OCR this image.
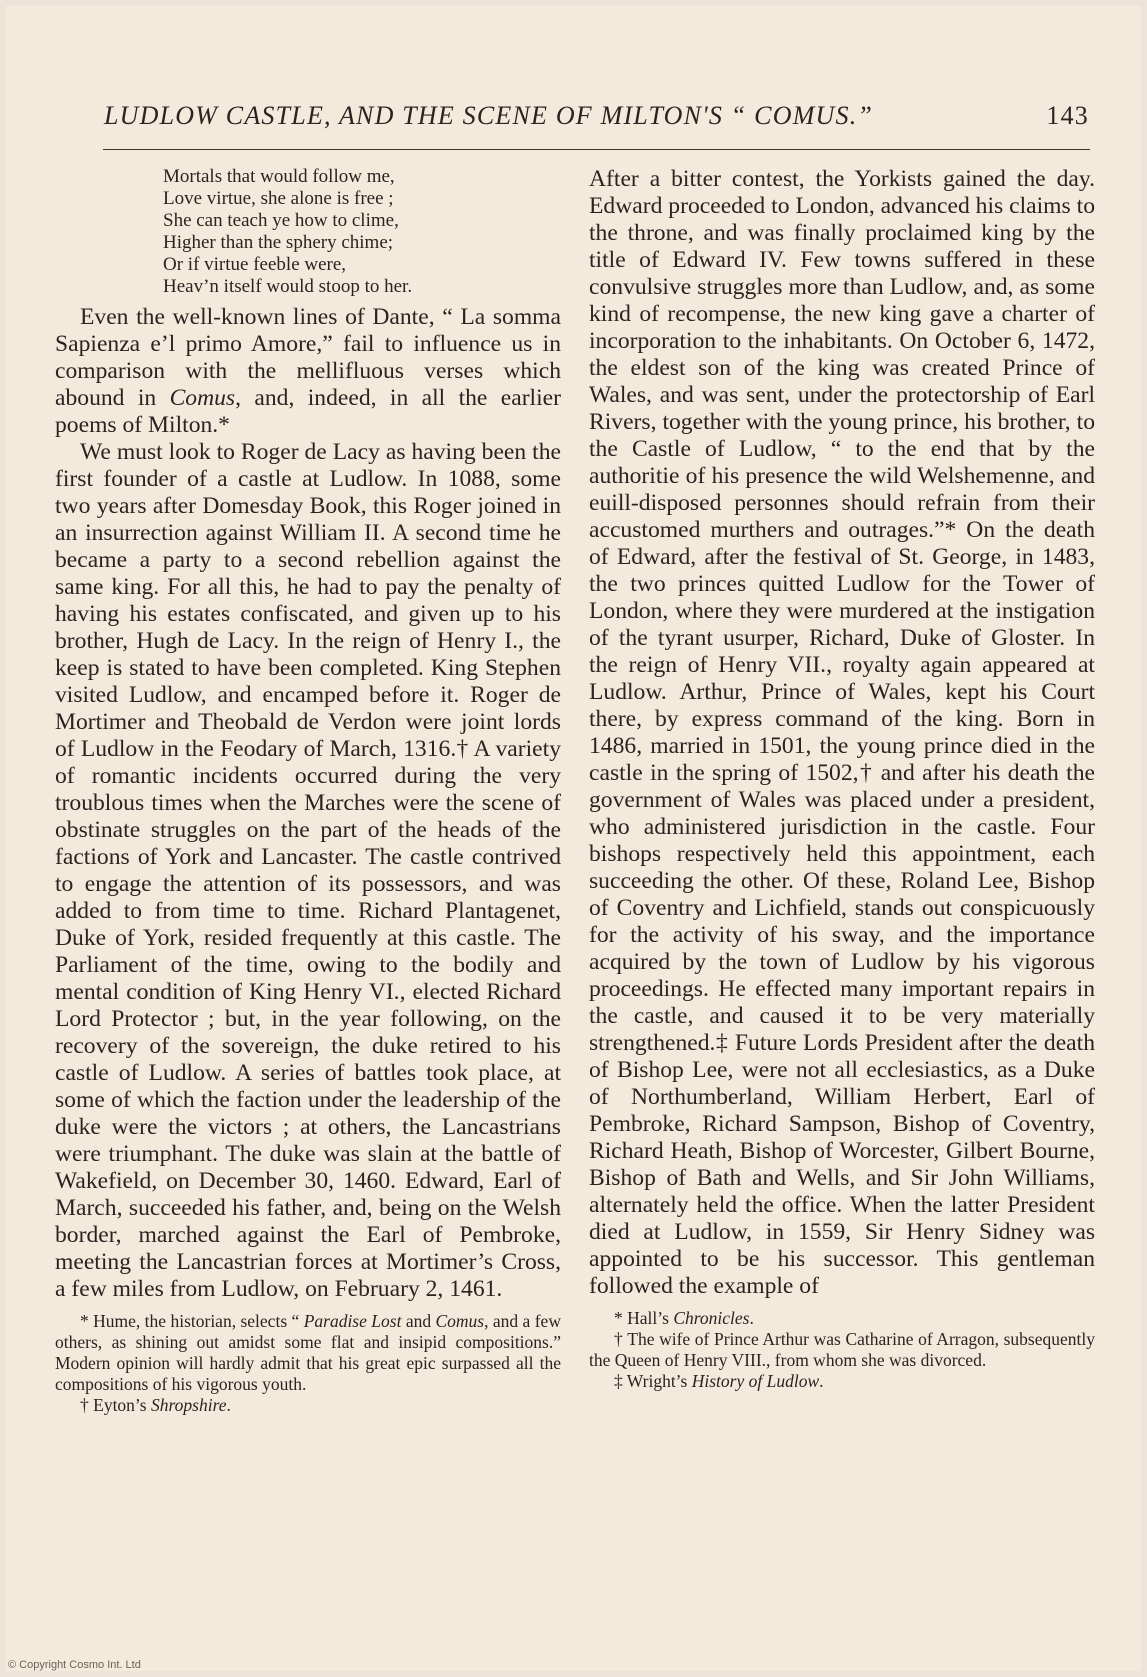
LUDLOW CASTLE, AND THE SCENE OF MILTON'S “ COMUS.”	143
Mortals that would follow me,
Love virtue, she alone is free ;
She can teach ye how to clime,
Higher than the sphery chime;
Or if virtue feeble were,
Heav’n itself would stoop to her.

Even the well-known lines of Dante, “ La somma Sapienza e’l primo Amore,” fail to influence us in comparison with the mellifluous verses which abound in Comus, and, indeed, in all the earlier poems of Milton.*

We must look to Roger de Lacy as having been the first founder of a castle at Ludlow. In 1088, some two years after Domesday Book, this Roger joined in an insurrection against William II. A second time he became a party to a second rebellion against the same king. For all this, he had to pay the penalty of having his estates confiscated, and given up to his brother, Hugh de Lacy. In the reign of Henry I., the keep is stated to have been completed. King Stephen visited Ludlow, and encamped before it. Roger de Mortimer and Theobald de Verdon were joint lords of Ludlow in the Feodary of March, 1316.† A variety of romantic incidents occurred during the very troublous times when the Marches were the scene of obstinate struggles on the part of the heads of the factions of York and Lancaster. The castle contrived to engage the attention of its possessors, and was added to from time to time. Richard Plantagenet, Duke of York, resided frequently at this castle. The Parliament of the time, owing to the bodily and mental condition of King Henry VI., elected Richard Lord Protector ; but, in the year following, on the recovery of the sovereign, the duke retired to his castle of Ludlow. A series of battles took place, at some of which the faction under the leadership of the duke were the victors ; at others, the Lancastrians were triumphant. The duke was slain at the battle of Wakefield, on December 30, 1460. Edward, Earl of March, succeeded his father, and, being on the Welsh border, marched against the Earl of Pembroke, meeting the Lancastrian forces at Mortimer’s Cross, a few miles from Ludlow, on February 2, 1461.

* Hume, the historian, selects “ Paradise Lost and Comus, and a few others, as shining out amidst some flat and insipid compositions.” Modern opinion will hardly admit that his great epic surpassed all the compositions of his vigorous youth.
† Eyton’s Shropshire.

After a bitter contest, the Yorkists gained the day. Edward proceeded to London, advanced his claims to the throne, and was finally proclaimed king by the title of Edward IV. Few towns suffered in these convulsive struggles more than Ludlow, and, as some kind of recompense, the new king gave a charter of incorporation to the inhabitants. On October 6, 1472, the eldest son of the king was created Prince of Wales, and was sent, under the protectorship of Earl Rivers, together with the young prince, his brother, to the Castle of Ludlow, “ to the end that by the authoritie of his presence the wild Welshemenne, and euill-disposed personnes should refrain from their accustomed murthers and outrages.”* On the death of Edward, after the festival of St. George, in 1483, the two princes quitted Ludlow for the Tower of London, where they were murdered at the instigation of the tyrant usurper, Richard, Duke of Gloster. In the reign of Henry VII., royalty again appeared at Ludlow. Arthur, Prince of Wales, kept his Court there, by express command of the king. Born in 1486, married in 1501, the young prince died in the castle in the spring of 1502,† and after his death the government of Wales was placed under a president, who administered jurisdiction in the castle. Four bishops respectively held this appointment, each succeeding the other. Of these, Roland Lee, Bishop of Coventry and Lichfield, stands out conspicuously for the activity of his sway, and the importance acquired by the town of Ludlow by his vigorous proceedings. He effected many important repairs in the castle, and caused it to be very materially strengthened.‡ Future Lords President after the death of Bishop Lee, were not all ecclesiastics, as a Duke of Northumberland, William Herbert, Earl of Pembroke, Richard Sampson, Bishop of Coventry, Richard Heath, Bishop of Worcester, Gilbert Bourne, Bishop of Bath and Wells, and Sir John Williams, alternately held the office. When the latter President died at Ludlow, in 1559, Sir Henry Sidney was appointed to be his successor. This gentleman followed the example of

* Hall’s Chronicles.
† The wife of Prince Arthur was Catharine of Arragon, subsequently the Queen of Henry VIII., from whom she was divorced.
‡ Wright’s History of Ludlow.
© Copyright Cosmo Int. Ltd
